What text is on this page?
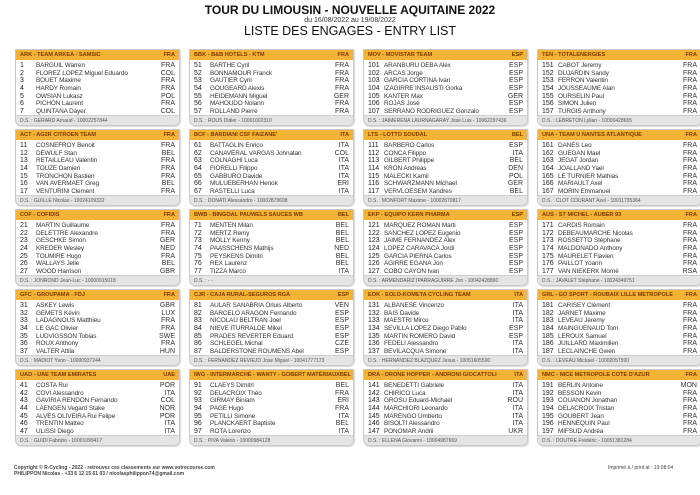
TOUR DU LIMOUSIN - NOUVELLE AQUITAINE 2022
du 16/08/2022 au 19/08/2022
LISTE DES ENGAGES - ENTRY LIST
ARK - TEAM ARKEA - SAMSIC	FRA
1	BARGUIL Warren	FRA
2	FLOREZ LOPEZ Miguel Eduardo	COL
3	BOUET Maxime	FRA
4	HARDY Romain	FRA
5	OWSIAN Lukasz	POL
6	PICHON Laurent	FRA
7	QUINTANA Dayer	COL
D.S. : GERARD Arnaud - 10002257844
BBK - B&B HOTELS - KTM	FRA
51	BARTHE Cyril	FRA
52	BONNAMOUR Franck	FRA
53	GAUTIER Cyril	FRA
54	GOUGEARD Alexis	FRA
55	HEIDEMANN Miguel	GER
56	MAHOUDO Nolann	FRA
57	ROLLAND Pierre	FRA
D.S. : ROUS Didier - 10001002310
MOV - MOVISTAR TEAM	ESP
101 ARANBURU DEBA Alex	ESP
102 ARCAS Jorge	ESP
103 GARCIA CORTINA Ivan	ESP
104 IZAGIRRE INSAUSTI Gorka	ESP
105 KANTER Max	GER
106 ROJAS José	ESP
107 SERRANO RODRIGUEZ Gonzalo	ESP
D.S. : JAIMERENA LAURNAGARAY Jose Luis - 10062297436
TEN - TOTALENERGIES	FRA
151 CABOT Jeremy	FRA
152 DUJARDIN Sandy	FRA
153 FERRON Valentin	FRA
154 JOUSSEAUME Alan	FRA
155 OURSELIN Paul	FRA
156 SIMON Julien	FRA
157 TURGIS Anthony	FRA
D.S. : LEBRETON Lylian - 10000428655
ACT - AG2R CITROEN TEAM	FRA
11	COSNEFROY Benoit	FRA
12	DEWULF Stan	BEL
13	RETAILLEAU Valentin	FRA
14	TOUZE Damien	FRA
15	TRONCHON Bastien	FRA
16	VAN AVERMAET Greg	BEL
17	VENTURINI Clement	FRA
D.S. : GUILLE Nicolas - 10024109332
BCF - BARDIANI CSF FAIZANE'	ITA
61	BATTAGLIN Enrico	ITA
62	CAÑAVERAL VARGAS Johnatan	COL
63	COLNAGHI Luca	ITA
64	FIORELLI Filippo	ITA
65	GABBURO Davide	ITA
66	MULUEBERHAN Henok	ERI
67	RASTELLI Luca	ITA
D.S. : DONATI Alessandro - 10002879608
LTS - LOTTO SOUDAL	BEL
111 BARBERO Carlos	ESP
112 CONCA Filippo	ITA
113 GILBERT Philippe	BEL
114 KRON Andreas	DEN
115 MALECKI Kamil	POL
116 SCHWARZMANN Michael	GER
117 VERVLOESEM Xandres	BEL
D.S. : MONFORT Maxime - 10002670817
UNA - TEAM U NANTES ATLANTIQUE	FRA
161 DANES Leo	FRA
162 GUEGAN Mael	FRA
163 JEGAT Jordan	FRA
164 JOALLAND Yael	FRA
165 LE TURNIER Mathias	FRA
166 MARIAULT Axel	FRA
167 MORIN Emmanuel	FRA
D.S. : CLOT COURANT Axel - 10011735364
COF - COFIDIS	FRA
21	MARTIN Guillaume	FRA
22	DELETTRE Alexandre	FRA
23	GESCHKE Simon	GER
24	KREDER Wesley	NED
25	TOUMIRE Hugo	FRA
26	WALLAYS Jelle	BEL
27	WOOD Harrison	GBR
D.S. : JONROND Jean-Luc - 10000915018
BWB - BINGOAL PAUWELS SAUCES WB	BEL
71	MENTEN Milan	BEL
72	MERTZ Remy	BEL
73	MOLLY Kenny	BEL
74	PAASSCHENS Mathijs	NED
75	PEYSKENS Dimitri	BEL
76	REX Laurenz	BEL
77	TIZZA Marco	ITA
D.S. : - -
EKP - EQUIPO KERN PHARMA	ESP
121 MARQUEZ ROMAN Marti	ESP
122 SANCHEZ LOPEZ Eugenio	ESP
123 JAIME FERNANDEZ Alex	ESP
124 LOPEZ CARAVACA Jordi	ESP
125 GARCIA PIERNA Carlos	ESP
126 AGIRRE EGAÑA Jon	ESP
127 COBO CAYON Ivan	ESP
D.S. : ARMENDARIZ IPARRAGUIRRE Jon - 10042428890
AUS - ST MICHEL - AUBER 93	FRA
171 CARDIS Romain	FRA
172 DEBEAUMARCHE Nicolas	FRA
173 ROSSETTO Stéphane	FRA
174 MALDONADO Anthony	FRA
175 MAURELET Flavien	FRA
176 PAILLOT Yoann	FRA
177 VAN NIEKERK Morné	RSA
D.S. : JAVALET Stéphane - 10024349751
GFC - GROUPAMA - FDJ	FRA
31	ASKEY Lewis	GBR
32	GEMETS Kévin	LUX
33	LADAGNOUS Matthieu	FRA
34	LE GAC Olivier	FRA
35	LUDVIGSSON Tobias	SWE
36	ROUX Anthony	FRA
37	VALTER Attila	HUN
D.S. : MADIOT Yvon - 10000937244
CJR - CAJA RURAL-SEGUROS RGA	ESP
81	AULAR SANABRIA Orluis Alberto	VEN
82	BARCELO ARAGON Fernando	ESP
83	NICOLAU BELTRAN Joel	ESP
84	NIEVE ITURRALDE Mikel	ESP
85	PRADES REVERTER Eduard	ESP
86	SCHLEGEL Michal	CZE
87	BALDERSTONE ROUMENS Abel	ESP
D.S. : FERNANDEZ REVIEJO Jose Miguel - 10041777173
EOK - EOLO-KOMETA CYCLING TEAM	ITA
131 ALBANESE Vincenzo	ITA
132 BAIS Davide	ITA
133 MAESTRI Mirco	ITA
134 SEVILLA LOPEZ Diego Pablo	ESP
135 MARTIN ROMERO David	ESP
136 FEDELI Alessandro	ITA
137 BEVILACQUA Simone	ITA
D.S. : HERNANDEZ BLAZQUEZ Jesus - 10051605590
GRL - GO SPORT - ROUBAIX LILLE METROPOLE FRA
181 CARISEY Clément	FRA
182 JARNET Maxime	FRA
183 LEVEAU Jérémy	FRA
184 MAINGUENAUD Tom	FRA
185 LEROUX Samuel	FRA
186 JUILLARD Maximilien	FRA
187 LECLAINCHE Gwen	FRA
D.S. : LEVEAU Mickael - 10002057590
UAD - UAE TEAM EMIRATES	UAE
41	COSTA Rui	POR
42	COVI Alessandro	ITA
43	GAVIRIA RENDON Fernando	COL
44	LAENGEN Vegard Stake	NOR
45	ALVES OLIVEIRA Rui Felipe	POR
46	TRENTIN Matteo	ITA
47	ULISSI Diego	ITA
D.S. : GUIDI Fabrizio - 10001099417
IWG - INTERMARCHÉ - WANTY - GOBERT MATÉRIAUX BEL
91	CLAEYS Dimitri	BEL
92	DELACROIX Théo	FRA
93	GIRMAY Biniam	ERI
94	PAGE Hugo	FRA
95	PETILLI Simone	ITA
96	PLANCKAERT Baptiste	BEL
97	ROTA Lorenzo	ITA
D.S. : PIVA Valerio - 10000984128
DRA - DRONE HOPPER - ANDRONI GIOCATTOLI	ITA
141 BENEDETTI Gabriele	ITA
142 CHIRICO Luca	ITA
143 GROSU Eduard-Michael	ROU
144 MARCHIORI Leonardo	ITA
145 MARENGO Umberto	ITA
146 BISOLTI Alessandro	ITA
147 PONOMAR Andrii	UKR
D.S. : ELLENA Giovanni - 10004987669
NMC - NICE METROPOLE COTE D'AZUR	FRA
191 BERLIN Antoine	MON
192 BESSON Kevin	FRA
193 COUANON Jonathan	FRA
194 DELACROIX Tristan	FRA
195 GOUBERT Jean	FRA
196 HENNEQUIN Paul	FRA
197 MIFSUD Andréa	FRA
D.S. : DOUTRE Frédéric - 10051381284
Copyright © R-Cycling - 2022 - retrouvez ces classements sur www.votrecourse.com
PHILIPPON Nicolas - +33 6 12 15 61 03 / nicolasphilippon74@gmail.com
Imprimé à / print at : 19:08:04
